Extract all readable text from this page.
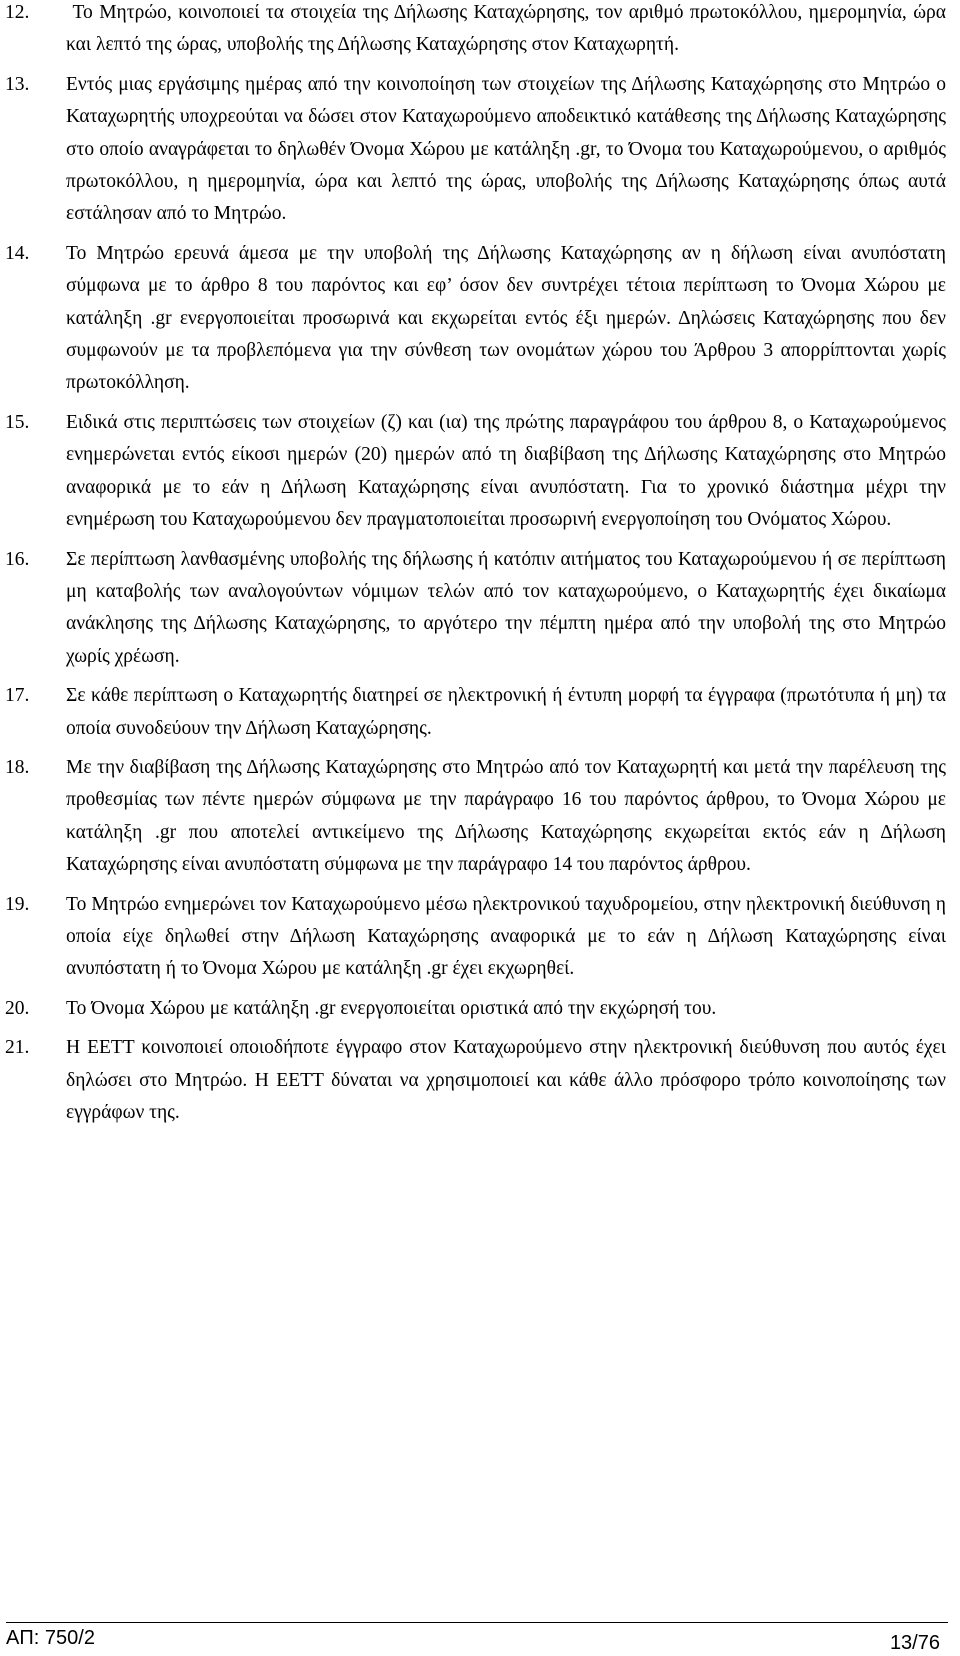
12. Το Μητρώο, κοινοποιεί τα στοιχεία της Δήλωσης Καταχώρησης, τον αριθμό πρωτοκόλλου, ημερομηνία, ώρα και λεπτό της ώρας, υποβολής της Δήλωσης Καταχώρησης στον Καταχωρητή.
13. Εντός μιας εργάσιμης ημέρας από την κοινοποίηση των στοιχείων της Δήλωσης Καταχώρησης στο Μητρώο ο Καταχωρητής υποχρεούται να δώσει στον Καταχωρούμενο αποδεικτικό κατάθεσης της Δήλωσης Καταχώρησης στο οποίο αναγράφεται το δηλωθέν Όνομα Χώρου με κατάληξη .gr, το Όνομα του Καταχωρούμενου, ο αριθμός πρωτοκόλλου, η ημερομηνία, ώρα και λεπτό της ώρας, υποβολής της Δήλωσης Καταχώρησης όπως αυτά εστάλησαν από το Μητρώο.
14. Το Μητρώο ερευνά άμεσα με την υποβολή της Δήλωσης Καταχώρησης αν η δήλωση είναι ανυπόστατη σύμφωνα με το άρθρο 8 του παρόντος και εφ’ όσον δεν συντρέχει τέτοια περίπτωση το Όνομα Χώρου με κατάληξη .gr ενεργοποιείται προσωρινά και εκχωρείται εντός έξι ημερών. Δηλώσεις Καταχώρησης που δεν συμφωνούν με τα προβλεπόμενα για την σύνθεση των ονομάτων χώρου του Άρθρου 3 απορρίπτονται χωρίς πρωτοκόλληση.
15. Ειδικά στις περιπτώσεις των στοιχείων (ζ) και (ια) της πρώτης παραγράφου του άρθρου 8, ο Καταχωρούμενος ενημερώνεται εντός είκοσι ημερών (20) ημερών από τη διαβίβαση της Δήλωσης Καταχώρησης στο Μητρώο αναφορικά με το εάν η Δήλωση Καταχώρησης είναι ανυπόστατη. Για το χρονικό διάστημα μέχρι την ενημέρωση του Καταχωρούμενου δεν πραγματοποιείται προσωρινή ενεργοποίηση του Ονόματος Χώρου.
16. Σε περίπτωση λανθασμένης υποβολής της δήλωσης ή κατόπιν αιτήματος του Καταχωρούμενου ή σε περίπτωση μη καταβολής των αναλογούντων νόμιμων τελών από τον καταχωρούμενο, ο Καταχωρητής έχει δικαίωμα ανάκλησης της Δήλωσης Καταχώρησης, το αργότερο την πέμπτη ημέρα από την υποβολή της στο Μητρώο χωρίς χρέωση.
17. Σε κάθε περίπτωση ο Καταχωρητής διατηρεί σε ηλεκτρονική ή έντυπη μορφή τα έγγραφα (πρωτότυπα ή μη) τα οποία συνοδεύουν την Δήλωση Καταχώρησης.
18. Με την διαβίβαση της Δήλωσης Καταχώρησης στο Μητρώο από τον Καταχωρητή και μετά την παρέλευση της προθεσμίας των πέντε ημερών σύμφωνα με την παράγραφο 16 του παρόντος άρθρου, το Όνομα Χώρου με κατάληξη .gr που αποτελεί αντικείμενο της Δήλωσης Καταχώρησης εκχωρείται εκτός εάν η Δήλωση Καταχώρησης είναι ανυπόστατη σύμφωνα με την παράγραφο 14 του παρόντος άρθρου.
19. Το Μητρώο ενημερώνει τον Καταχωρούμενο μέσω ηλεκτρονικού ταχυδρομείου, στην ηλεκτρονική διεύθυνση η οποία είχε δηλωθεί στην Δήλωση Καταχώρησης αναφορικά με το εάν η Δήλωση Καταχώρησης είναι ανυπόστατη ή το Όνομα Χώρου με κατάληξη .gr έχει εκχωρηθεί.
20. Το Όνομα Χώρου με κατάληξη .gr ενεργοποιείται οριστικά από την εκχώρησή του.
21. Η ΕΕΤΤ κοινοποιεί οποιοδήποτε έγγραφο στον Καταχωρούμενο στην ηλεκτρονική διεύθυνση που αυτός έχει δηλώσει στο Μητρώο. Η ΕΕΤΤ δύναται να χρησιμοποιεί και κάθε άλλο πρόσφορο τρόπο κοινοποίησης των εγγράφων της.
ΑΠ: 750/2	13/76
